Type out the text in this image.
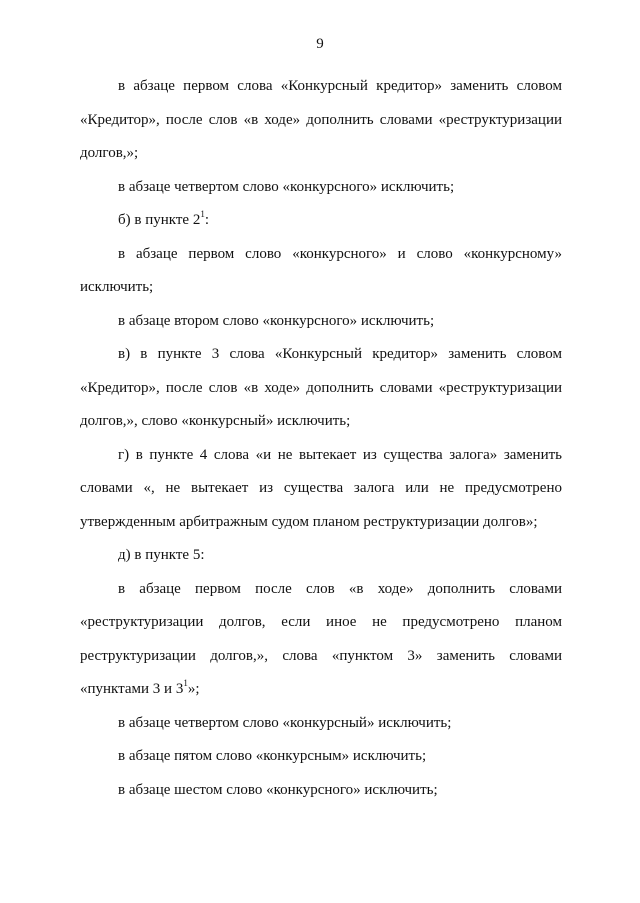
9

в абзаце первом слова «Конкурсный кредитор» заменить словом «Кредитор», после слов «в ходе» дополнить словами «реструктуризации долгов,»;

в абзаце четвертом слово «конкурсного» исключить;

б) в пункте $2^1$:

в абзаце первом слово «конкурсного» и слово «конкурсному» исключить;

в абзаце втором слово «конкурсного» исключить;

в) в пункте 3 слова «Конкурсный кредитор» заменить словом «Кредитор», после слов «в ходе» дополнить словами «реструктуризации долгов,», слово «конкурсный» исключить;

г) в пункте 4 слова «и не вытекает из существа залога» заменить словами «, не вытекает из существа залога или не предусмотрено утвержденным арбитражным судом планом реструктуризации долгов»;

д) в пункте 5:

в абзаце первом после слов «в ходе» дополнить словами «реструктуризации долгов, если иное не предусмотрено планом реструктуризации долгов,», слова «пунктом 3» заменить словами «пунктами 3 и $3^1$»;

в абзаце четвертом слово «конкурсный» исключить;

в абзаце пятом слово «конкурсным» исключить;

в абзаце шестом слово «конкурсного» исключить;
